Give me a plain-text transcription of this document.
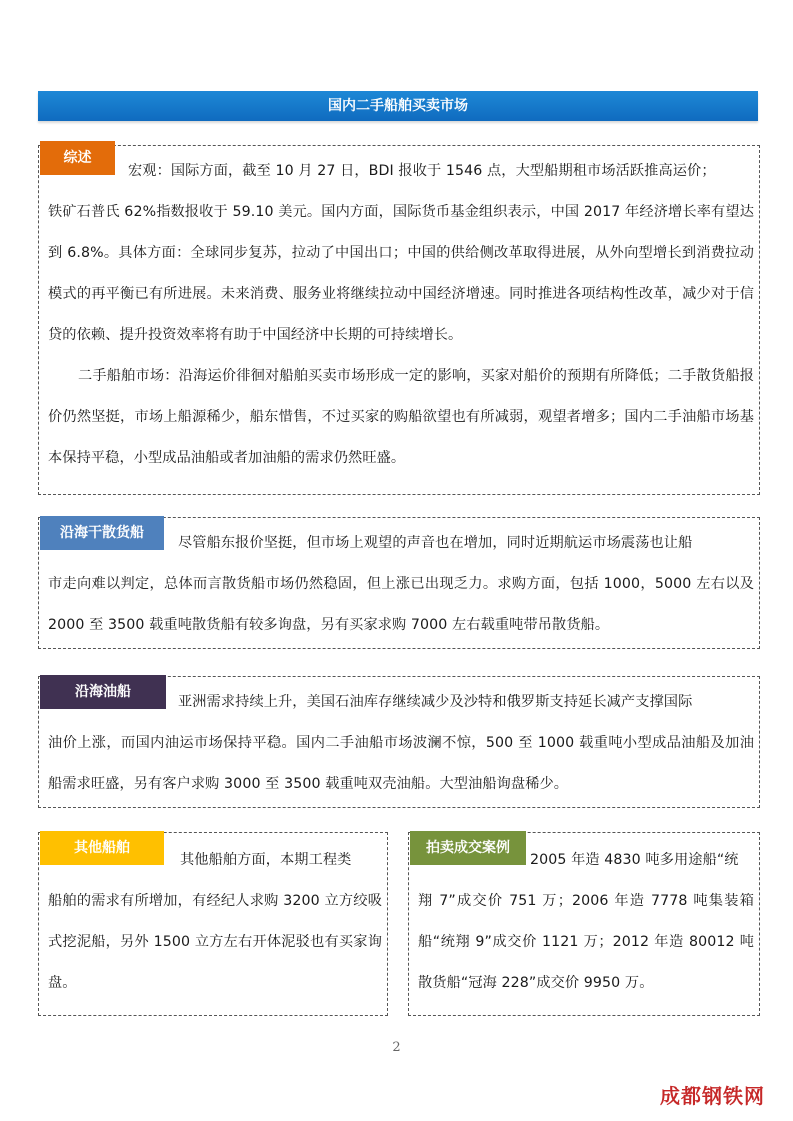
国内二手船舶买卖市场
综述

宏观：国际方面，截至 10 月 27 日，BDI 报收于 1546 点，大型船期租市场活跃推高运价；

铁矿石普氏 62%指数报收于 59.10 美元。国内方面，国际货币基金组织表示，中国 2017 年经济增长率有望达到 6.8%。具体方面：全球同步复苏，拉动了中国出口；中国的供给侧改革取得进展，从外向型增长到消费拉动模式的再平衡已有所进展。未来消费、服务业将继续拉动中国经济增速。同时推进各项结构性改革，减少对于信贷的依赖、提升投资效率将有助于中国经济中长期的可持续增长。

二手船舶市场：沿海运价徘徊对船舶买卖市场形成一定的影响，买家对船价的预期有所降低；二手散货船报价仍然坚挺，市场上船源稀少，船东惜售，不过买家的购船欲望也有所减弱，观望者增多；国内二手油船市场基本保持平稳，小型成品油船或者加油船的需求仍然旺盛。

沿海干散货船

尽管船东报价坚挺，但市场上观望的声音也在增加，同时近期航运市场震荡也让船

市走向难以判定，总体而言散货船市场仍然稳固，但上涨已出现乏力。求购方面，包括 1000，5000 左右以及 2000 至 3500 载重吨散货船有较多询盘，另有买家求购 7000 左右载重吨带吊散货船。

沿海油船

亚洲需求持续上升，美国石油库存继续减少及沙特和俄罗斯支持延长减产支撑国际

油价上涨，而国内油运市场保持平稳。国内二手油船市场波澜不惊，500 至 1000 载重吨小型成品油船及加油船需求旺盛，另有客户求购 3000 至 3500 载重吨双壳油船。大型油船询盘稀少。

其他船舶

其他船舶方面，本期工程类

船舶的需求有所增加，有经纪人求购 3200 立方绞吸式挖泥船，另外 1500 立方左右开体泥驳也有买家询盘。

拍卖成交案例

2005 年造 4830 吨多用途船“统

翔 7”成交价 751 万；2006 年造 7778 吨集装箱船“统翔 9”成交价 1121 万；2012 年造 80012 吨散货船“冠海 228”成交价 9950 万。

2
成都钢铁网
